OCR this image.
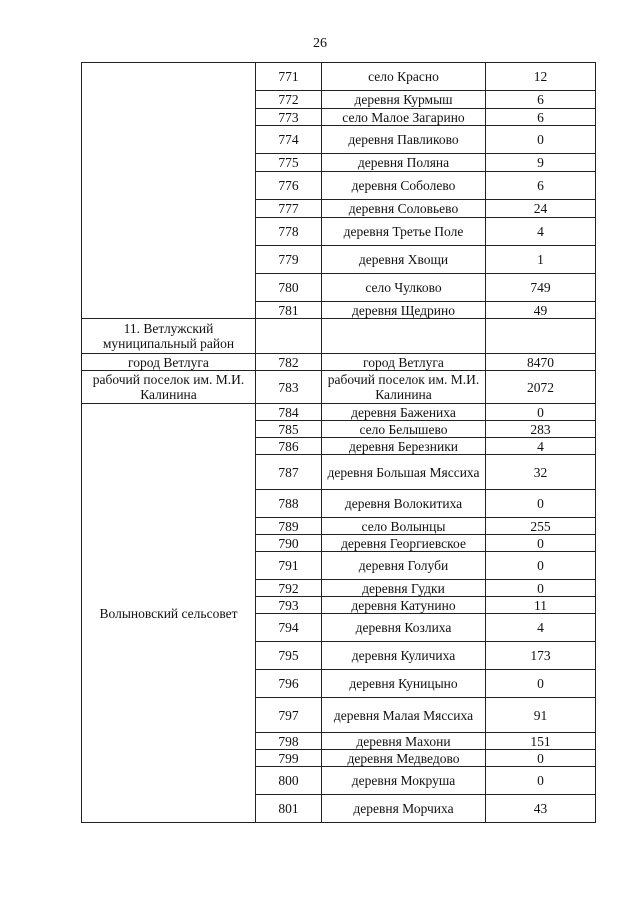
26
	771	село Красно	12
	772	деревня Курмыш	6
	773	село Малое Загарино	6
	774	деревня Павликово	0
	775	деревня Поляна	9
	776	деревня Соболево	6
	777	деревня Соловьево	24
	778	деревня Третье Поле	4
	779	деревня Хвощи	1
	780	село Чулково	749
	781	деревня Щедрино	49
11. Ветлужский муниципальный район			
город Ветлуга	782	город Ветлуга	8470
рабочий поселок им. М.И. Калинина	783	рабочий поселок им. М.И. Калинина	2072
Волыновский сельсовет	784	деревня Бажениха	0
	785	село Белышево	283
	786	деревня Березники	4
	787	деревня Большая Мяссиха	32
	788	деревня Волокитиха	0
	789	село Волынцы	255
	790	деревня Георгиевское	0
	791	деревня Голуби	0
	792	деревня Гудки	0
	793	деревня Катунино	11
	794	деревня Козлиха	4
	795	деревня Куличиха	173
	796	деревня Куницыно	0
	797	деревня Малая Мяссиха	91
	798	деревня Махони	151
	799	деревня Медведово	0
	800	деревня Мокруша	0
	801	деревня Морчиха	43
